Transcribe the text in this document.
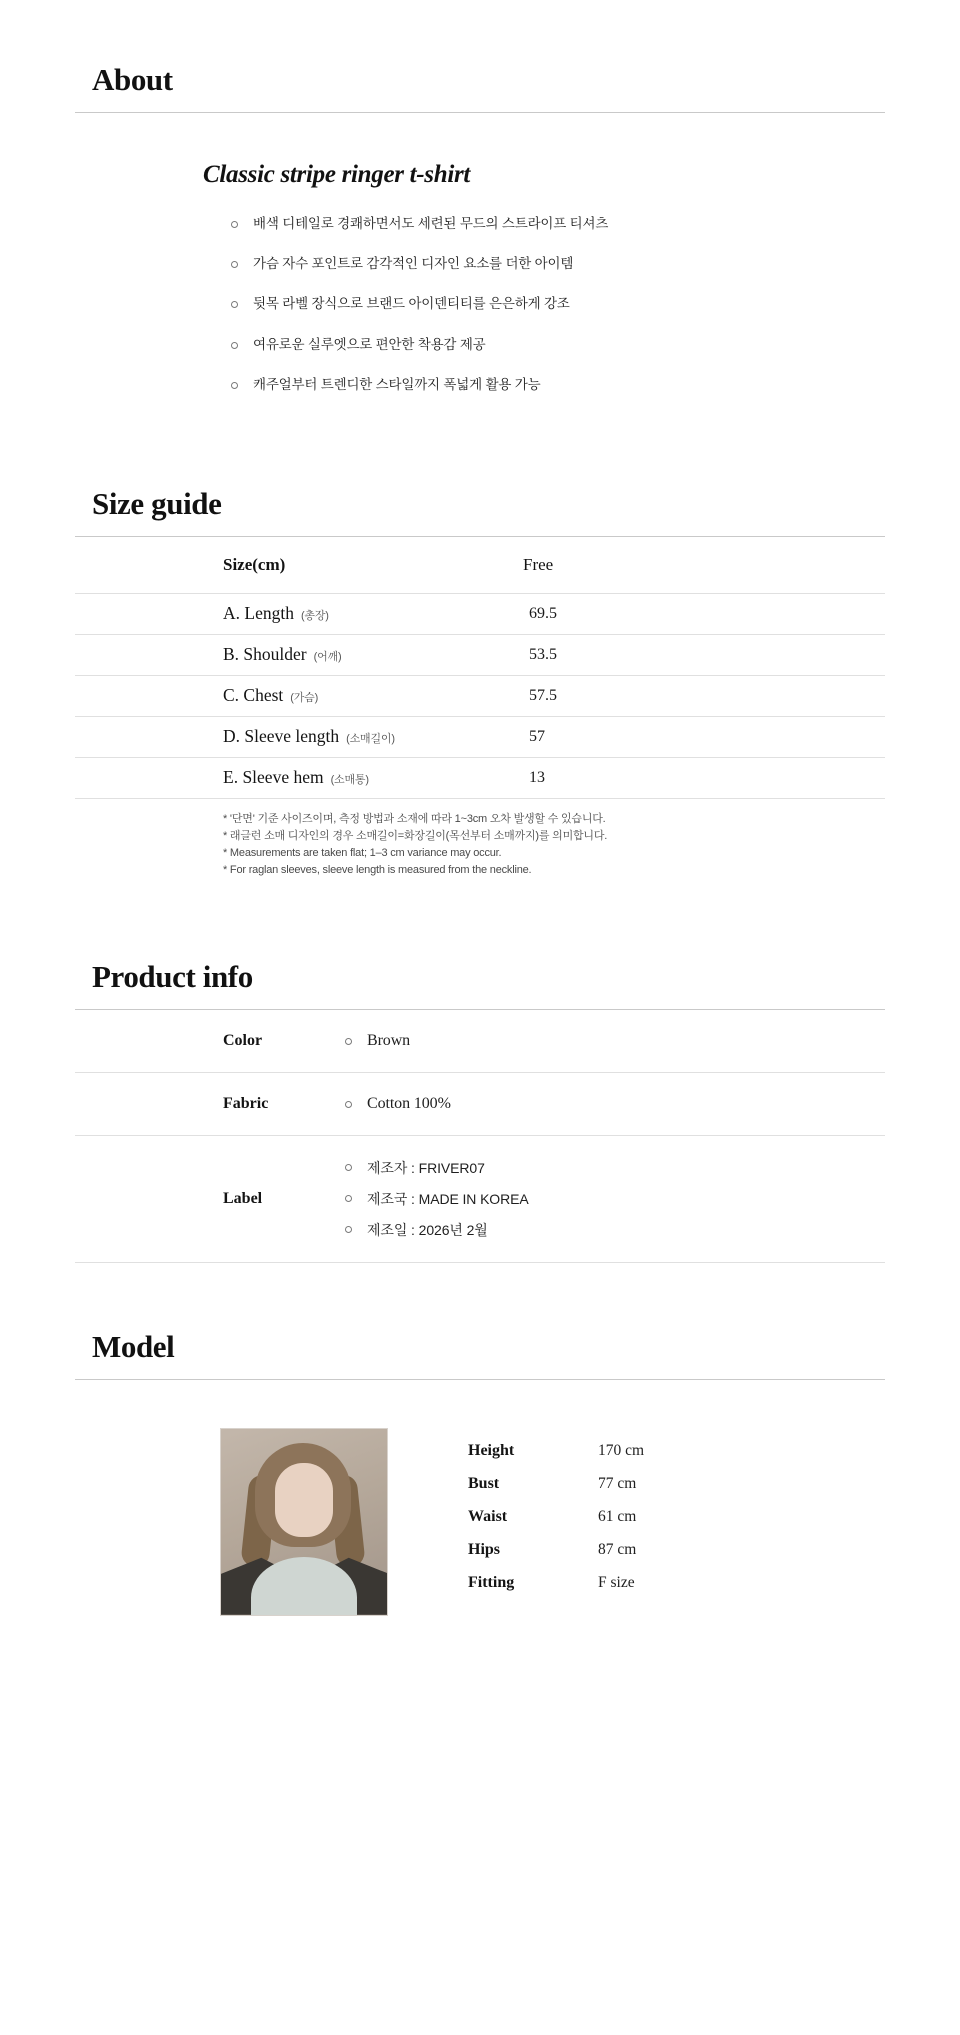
About
Classic stripe ringer t-shirt
배색 디테일로 경쾌하면서도 세련된 무드의 스트라이프 티셔츠
가슴 자수 포인트로 감각적인 디자인 요소를 더한 아이템
뒷목 라벨 장식으로 브랜드 아이덴티티를 은은하게 강조
여유로운 실루엣으로 편안한 착용감 제공
캐주얼부터 트렌디한 스타일까지 폭넓게 활용 가능
Size guide
Size(cm)	Free
A. Length (총장)	69.5
B. Shoulder (어깨)	53.5
C. Chest (가슴)	57.5
D. Sleeve length (소매길이)	57
E. Sleeve hem (소매통)	13
* '단면' 기준 사이즈이며, 측정 방법과 소재에 따라 1~3cm 오차 발생할 수 있습니다.
* 래글런 소매 디자인의 경우 소매길이=화장길이(목선부터 소매까지)를 의미합니다.
* Measurements are taken flat; 1–3 cm variance may occur.
* For raglan sleeves, sleeve length is measured from the neckline.
Product info
Color	Brown

Fabric	Cotton 100%

Label	
제조자 : FRIVER07
제조국 : MADE IN KOREA
제조일 : 2026년 2월
Model
Height	170 cm
Bust	77 cm
Waist	61 cm
Hips	87 cm
Fitting	F size
